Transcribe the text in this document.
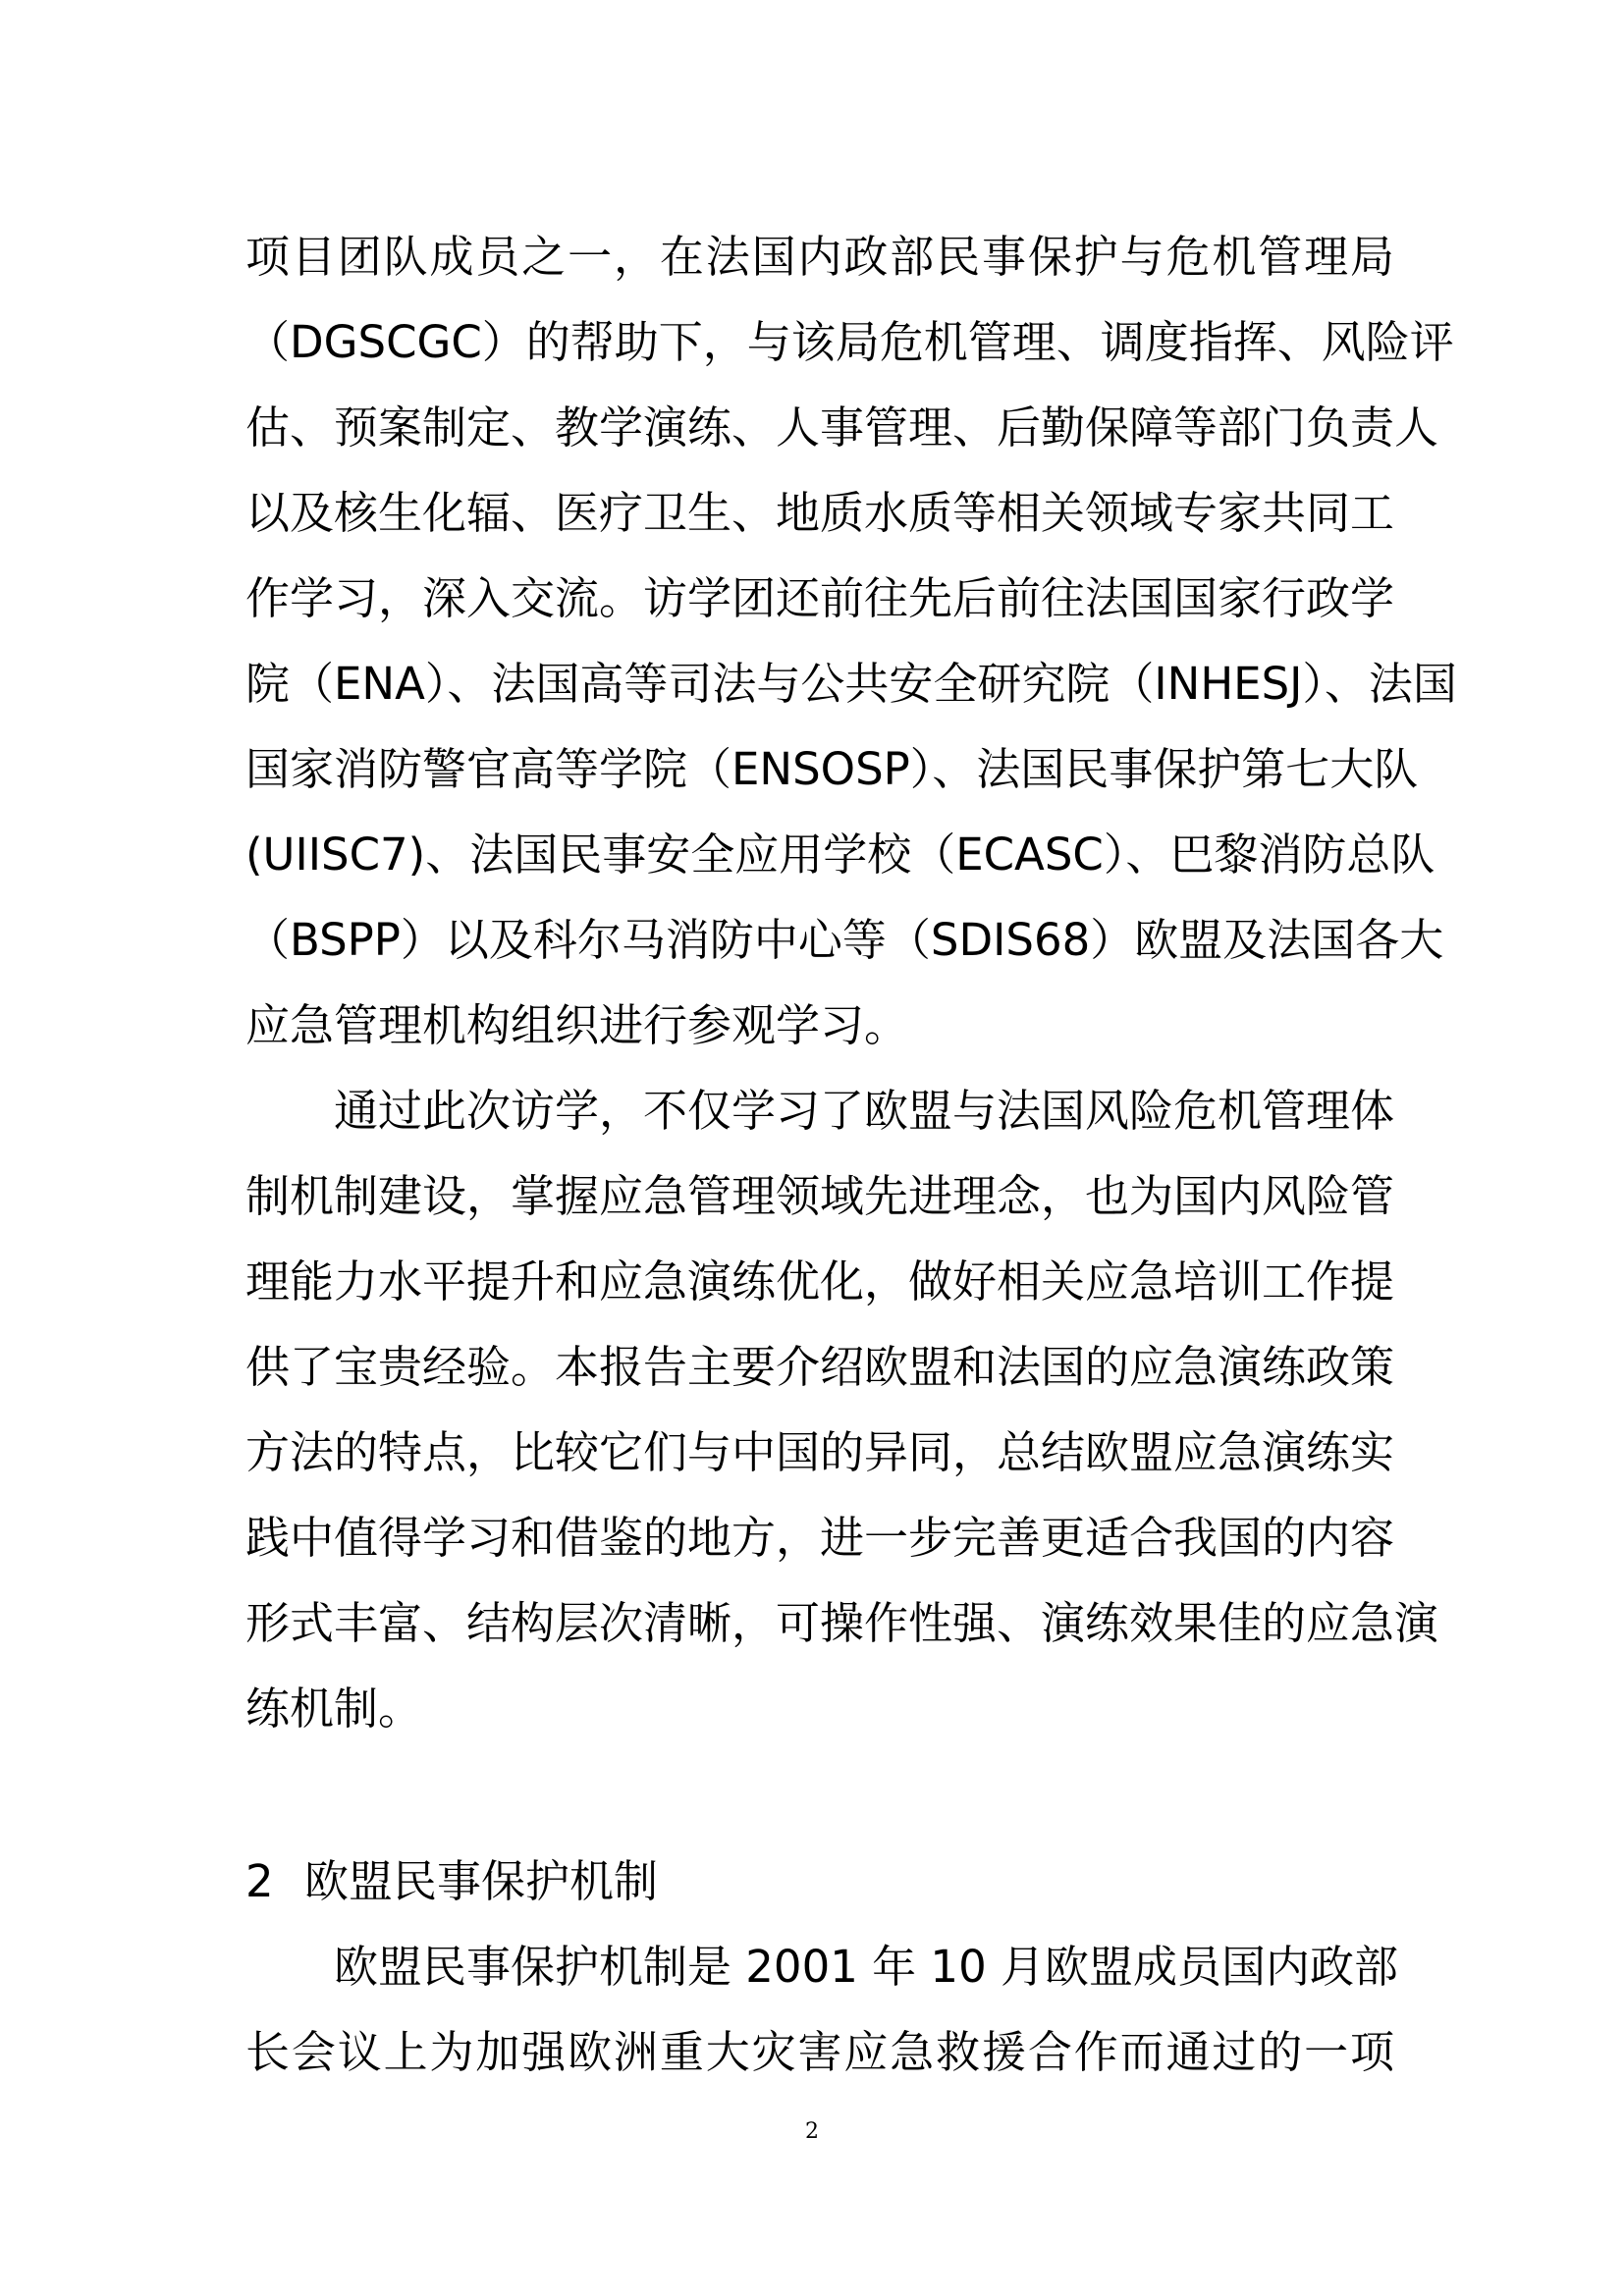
项目团队成员之一，在法国内政部民事保护与危机管理局
（DGSCGC）的帮助下，与该局危机管理、调度指挥、风险评
估、预案制定、教学演练、人事管理、后勤保障等部门负责人
以及核生化辐、医疗卫生、地质水质等相关领域专家共同工
作学习，深入交流。访学团还前往先后前往法国国家行政学
院（ENA）、法国高等司法与公共安全研究院（INHESJ）、法国
国家消防警官高等学院（ENSOSP）、法国民事保护第七大队
(UIISC7)、法国民事安全应用学校（ECASC）、巴黎消防总队
（BSPP）以及科尔马消防中心等（SDIS68）欧盟及法国各大
应急管理机构组织进行参观学习。
通过此次访学，不仅学习了欧盟与法国风险危机管理体
制机制建设，掌握应急管理领域先进理念，也为国内风险管
理能力水平提升和应急演练优化，做好相关应急培训工作提
供了宝贵经验。本报告主要介绍欧盟和法国的应急演练政策
方法的特点，比较它们与中国的异同，总结欧盟应急演练实
践中值得学习和借鉴的地方，进一步完善更适合我国的内容
形式丰富、结构层次清晰，可操作性强、演练效果佳的应急演
练机制。
2 欧盟民事保护机制
欧盟民事保护机制是 2001 年 10 月欧盟成员国内政部
长会议上为加强欧洲重大灾害应急救援合作而通过的一项
2
